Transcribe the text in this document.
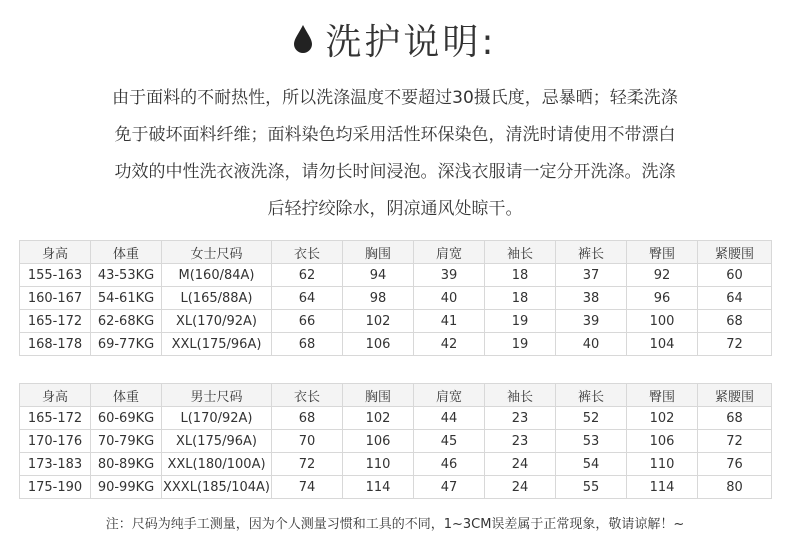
洗护说明:
由于面料的不耐热性，所以洗涤温度不要超过30摄氏度，忌暴晒；轻柔洗涤
免于破坏面料纤维；面料染色均采用活性环保染色，清洗时请使用不带漂白
功效的中性洗衣液洗涤，请勿长时间浸泡。深浅衣服请一定分开洗涤。洗涤
后轻拧绞除水，阴凉通风处晾干。
身高	体重	女士尺码	衣长	胸围	肩宽	袖长	裤长	臀围	紧腰围
155-163	43-53KG	M(160/84A)	62	94	39	18	37	92	60
160-167	54-61KG	L(165/88A)	64	98	40	18	38	96	64
165-172	62-68KG	XL(170/92A)	66	102	41	19	39	100	68
168-178	69-77KG	XXL(175/96A)	68	106	42	19	40	104	72
身高	体重	男士尺码	衣长	胸围	肩宽	袖长	裤长	臀围	紧腰围
165-172	60-69KG	L(170/92A)	68	102	44	23	52	102	68
170-176	70-79KG	XL(175/96A)	70	106	45	23	53	106	72
173-183	80-89KG	XXL(180/100A)	72	110	46	24	54	110	76
175-190	90-99KG	XXXL(185/104A)	74	114	47	24	55	114	80
注：尺码为纯手工测量，因为个人测量习惯和工具的不同，1~3CM误差属于正常现象，敬请谅解！~
